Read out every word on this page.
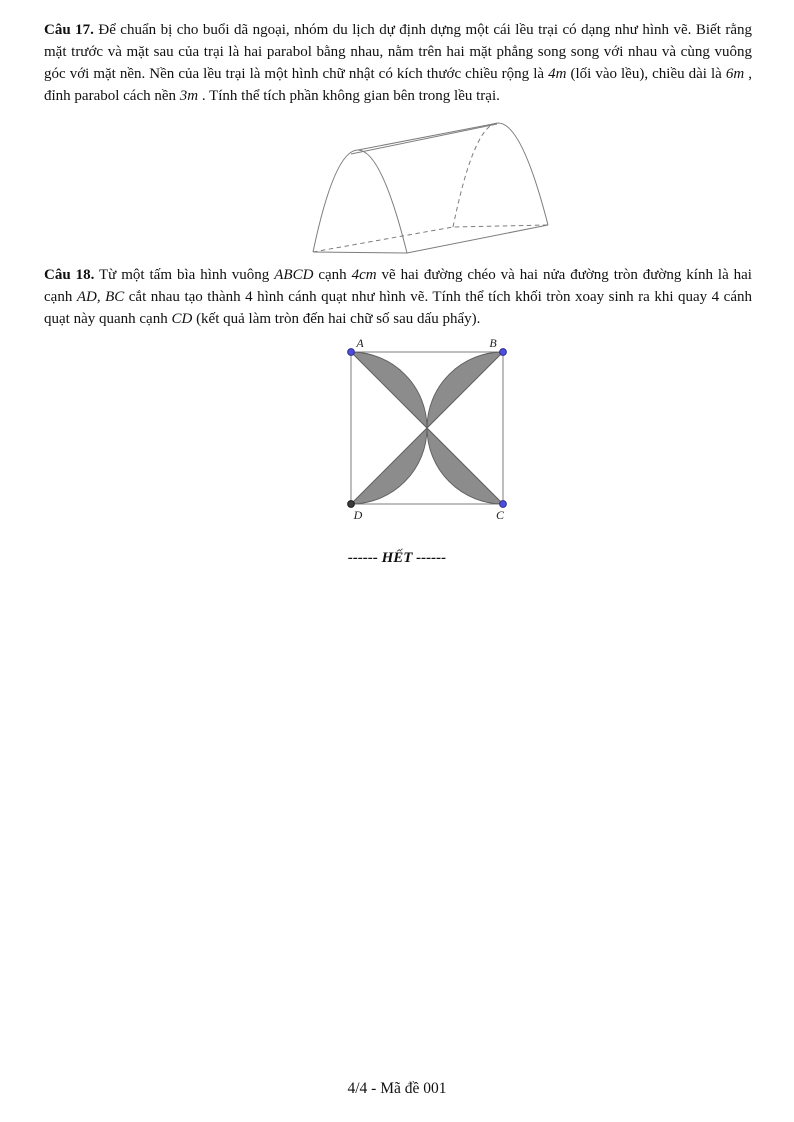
Câu 17. Để chuẩn bị cho buổi dã ngoại, nhóm du lịch dự định dựng một cái lều trại có dạng như hình vẽ. Biết rằng mặt trước và mặt sau của trại là hai parabol bằng nhau, nằm trên hai mặt phẳng song song với nhau và cùng vuông góc với mặt nền. Nền của lều trại là một hình chữ nhật có kích thước chiều rộng là 4m (lối vào lều), chiều dài là 6m , đỉnh parabol cách nền 3m . Tính thể tích phần không gian bên trong lều trại.

Câu 18. Từ một tấm bìa hình vuông ABCD cạnh 4cm vẽ hai đường chéo và hai nửa đường tròn đường kính là hai cạnh AD, BC cắt nhau tạo thành 4 hình cánh quạt như hình vẽ. Tính thể tích khối tròn xoay sinh ra khi quay 4 cánh quạt này quanh cạnh CD (kết quả làm tròn đến hai chữ số sau dấu phẩy).

A	B
D	C

------ HẾT ------

4/4 - Mã đề 001
